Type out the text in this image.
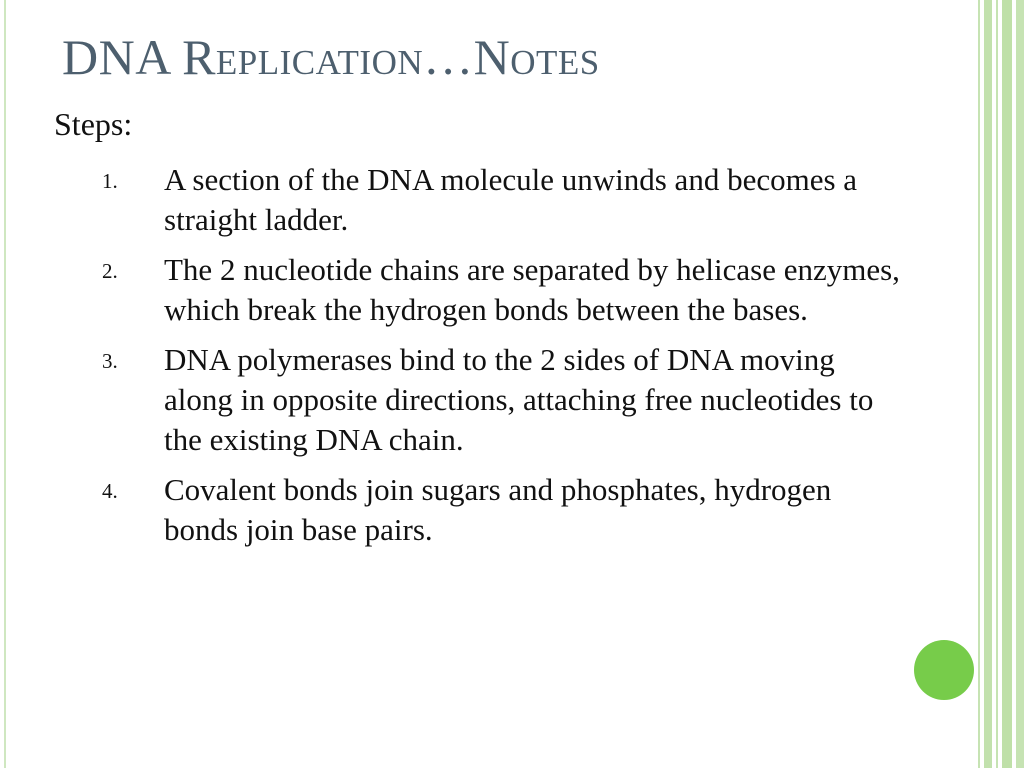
DNA Replication…Notes
Steps:
1.	A section of the DNA molecule unwinds and becomes a straight ladder.
2.	The 2 nucleotide chains are separated by helicase enzymes, which break the hydrogen bonds between the bases.
3.	DNA polymerases bind to the 2 sides of DNA moving along in opposite directions, attaching free nucleotides to the existing DNA chain.
4.	Covalent bonds join sugars and phosphates, hydrogen bonds join base pairs.
